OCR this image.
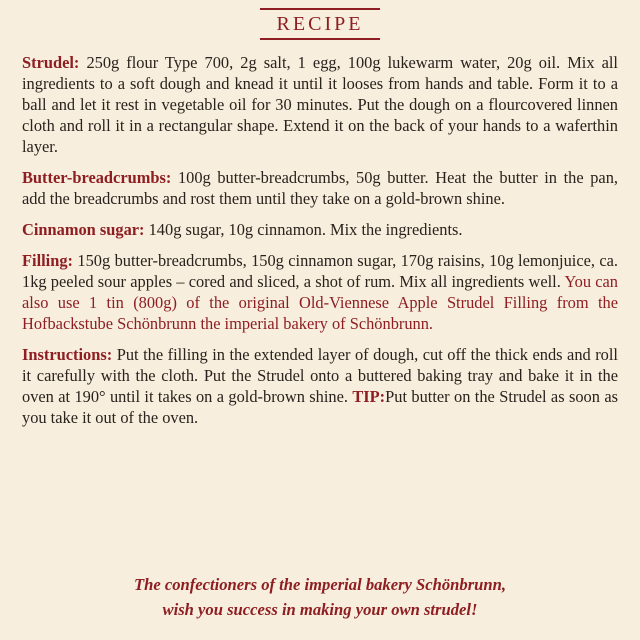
RECIPE

Strudel: 250g flour Type 700, 2g salt, 1 egg, 100g lukewarm water, 20g oil. Mix all ingredients to a soft dough and knead it until it looses from hands and table. Form it to a ball and let it rest in vegetable oil for 30 minutes. Put the dough on a flourcovered linnen cloth and roll it in a rectangular shape. Extend it on the back of your hands to a waferthin layer.

Butter-breadcrumbs: 100g butter-breadcrumbs, 50g butter. Heat the butter in the pan, add the breadcrumbs and rost them until they take on a gold-brown shine.

Cinnamon sugar: 140g sugar, 10g cinnamon. Mix the ingredients.

Filling: 150g butter-breadcrumbs, 150g cinnamon sugar, 170g raisins, 10g lemonjuice, ca. 1kg peeled sour apples – cored and sliced, a shot of rum. Mix all ingredients well. You can also use 1 tin (800g) of the original Old-Viennese Apple Strudel Filling from the Hofbackstube Schönbrunn the imperial bakery of Schönbrunn.

Instructions: Put the filling in the extended layer of dough, cut off the thick ends and roll it carefully with the cloth. Put the Strudel onto a buttered baking tray and bake it in the oven at 190° until it takes on a gold-brown shine. TIP:Put butter on the Strudel as soon as you take it out of the oven.

The confectioners of the imperial bakery Schönbrunn,
wish you success in making your own strudel!
